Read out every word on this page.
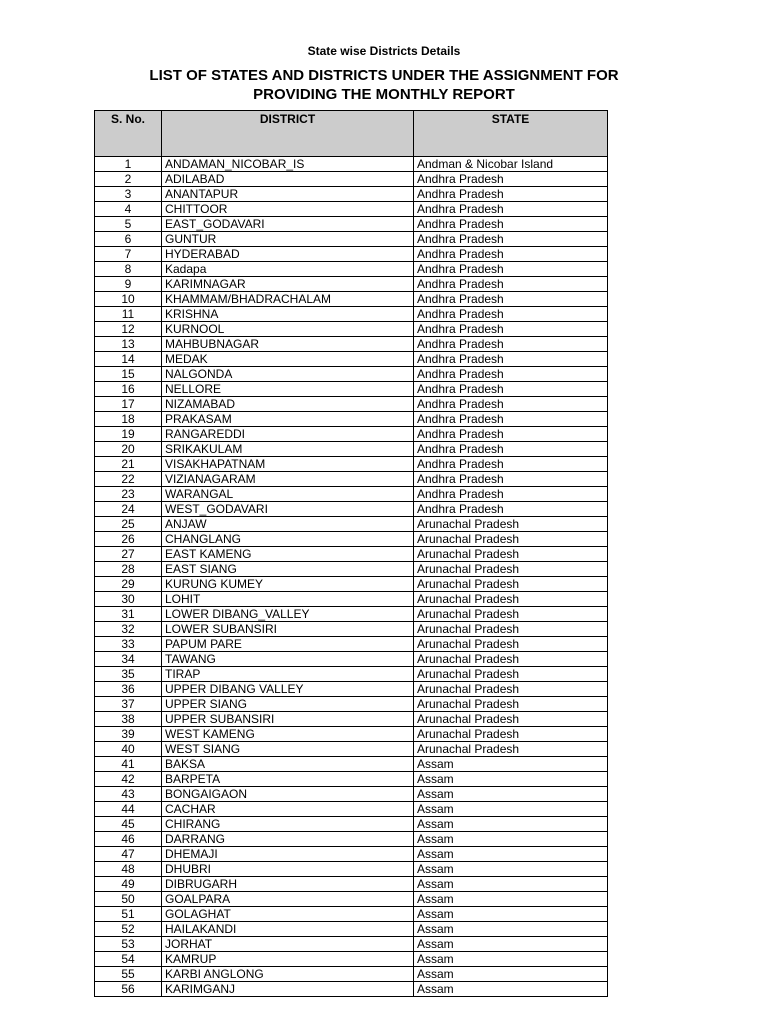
State wise Districts Details
LIST OF STATES AND DISTRICTS UNDER THE ASSIGNMENT FOR
PROVIDING THE MONTHLY REPORT
S. No.	DISTRICT	STATE
1	ANDAMAN_NICOBAR_IS	Andman & Nicobar Island
2	ADILABAD	Andhra Pradesh
3	ANANTAPUR	Andhra Pradesh
4	CHITTOOR	Andhra Pradesh
5	EAST_GODAVARI	Andhra Pradesh
6	GUNTUR	Andhra Pradesh
7	HYDERABAD	Andhra Pradesh
8	Kadapa	Andhra Pradesh
9	KARIMNAGAR	Andhra Pradesh
10	KHAMMAM/BHADRACHALAM	Andhra Pradesh
11	KRISHNA	Andhra Pradesh
12	KURNOOL	Andhra Pradesh
13	MAHBUBNAGAR	Andhra Pradesh
14	MEDAK	Andhra Pradesh
15	NALGONDA	Andhra Pradesh
16	NELLORE	Andhra Pradesh
17	NIZAMABAD	Andhra Pradesh
18	PRAKASAM	Andhra Pradesh
19	RANGAREDDI	Andhra Pradesh
20	SRIKAKULAM	Andhra Pradesh
21	VISAKHAPATNAM	Andhra Pradesh
22	VIZIANAGARAM	Andhra Pradesh
23	WARANGAL	Andhra Pradesh
24	WEST_GODAVARI	Andhra Pradesh
25	ANJAW	Arunachal Pradesh
26	CHANGLANG	Arunachal Pradesh
27	EAST KAMENG	Arunachal Pradesh
28	EAST SIANG	Arunachal Pradesh
29	KURUNG KUMEY	Arunachal Pradesh
30	LOHIT	Arunachal Pradesh
31	LOWER DIBANG_VALLEY	Arunachal Pradesh
32	LOWER SUBANSIRI	Arunachal Pradesh
33	PAPUM PARE	Arunachal Pradesh
34	TAWANG	Arunachal Pradesh
35	TIRAP	Arunachal Pradesh
36	UPPER DIBANG VALLEY	Arunachal Pradesh
37	UPPER SIANG	Arunachal Pradesh
38	UPPER SUBANSIRI	Arunachal Pradesh
39	WEST KAMENG	Arunachal Pradesh
40	WEST SIANG	Arunachal Pradesh
41	BAKSA	Assam
42	BARPETA	Assam
43	BONGAIGAON	Assam
44	CACHAR	Assam
45	CHIRANG	Assam
46	DARRANG	Assam
47	DHEMAJI	Assam
48	DHUBRI	Assam
49	DIBRUGARH	Assam
50	GOALPARA	Assam
51	GOLAGHAT	Assam
52	HAILAKANDI	Assam
53	JORHAT	Assam
54	KAMRUP	Assam
55	KARBI ANGLONG	Assam
56	KARIMGANJ	Assam
